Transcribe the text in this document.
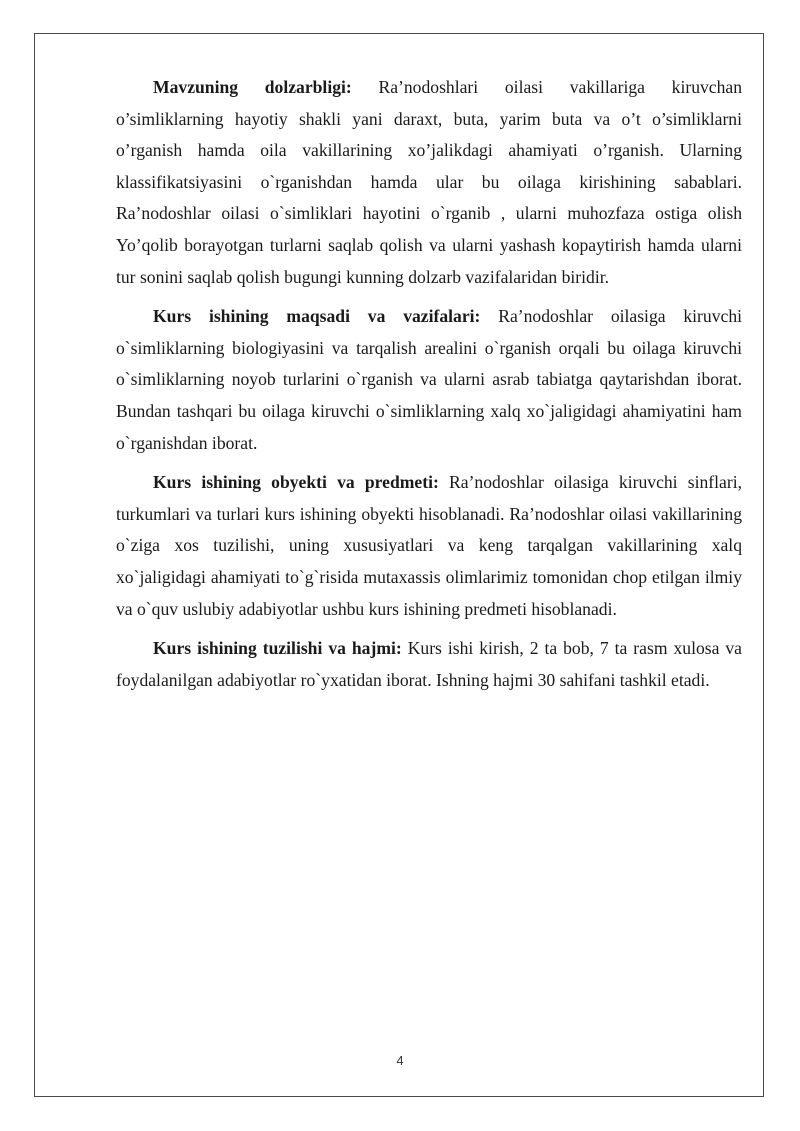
Mavzuning dolzarbligi: Ra’nodoshlari oilasi vakillariga kiruvchan o’simliklarning hayotiy shakli yani daraxt, buta, yarim buta va o’t o’simliklarni o’rganish hamda oila vakillarining xo’jalikdagi ahamiyati o’rganish. Ularning klassifikatsiyasini o`rganishdan hamda ular bu oilaga kirishining sabablari. Ra’nodoshlar oilasi o`simliklari hayotini o`rganib , ularni muhozfaza ostiga olish Yo’qolib borayotgan turlarni saqlab qolish va ularni yashash kopaytirish hamda ularni tur sonini saqlab qolish bugungi kunning dolzarb vazifalaridan biridir.

Kurs ishining maqsadi va vazifalari: Ra’nodoshlar oilasiga kiruvchi o`simliklarning biologiyasini va tarqalish arealini o`rganish orqali bu oilaga kiruvchi o`simliklarning noyob turlarini o`rganish va ularni asrab tabiatga qaytarishdan iborat. Bundan tashqari bu oilaga kiruvchi o`simliklarning xalq xo`jaligidagi ahamiyatini ham o`rganishdan iborat.

Kurs ishining obyekti va predmeti: Ra’nodoshlar oilasiga kiruvchi sinflari, turkumlari va turlari kurs ishining obyekti hisoblanadi. Ra’nodoshlar oilasi vakillarining o`ziga xos tuzilishi, uning xususiyatlari va keng tarqalgan vakillarining xalq xo`jaligidagi ahamiyati to`g`risida mutaxassis olimlarimiz tomonidan chop etilgan ilmiy va o`quv uslubiy adabiyotlar ushbu kurs ishining predmeti hisoblanadi.

Kurs ishining tuzilishi va hajmi: Kurs ishi kirish, 2 ta bob, 7 ta rasm xulosa va foydalanilgan adabiyotlar ro`yxatidan iborat. Ishning hajmi 30 sahifani tashkil etadi.

4
